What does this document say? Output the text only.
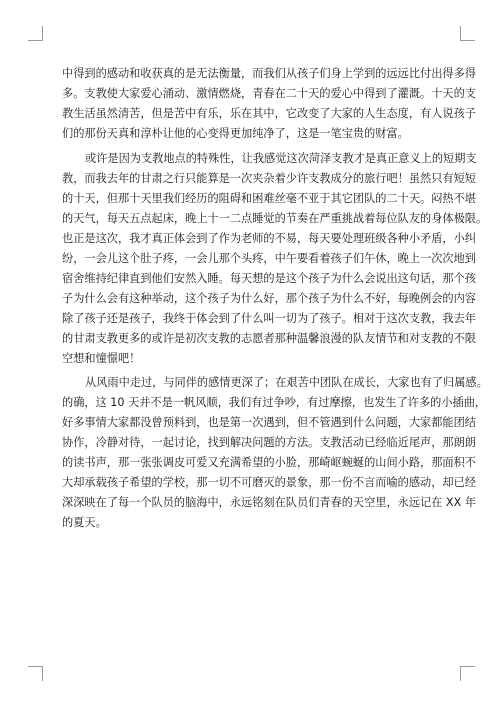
中得到的感动和收获真的是无法衡量，而我们从孩子们身上学到的远远比付出得多得
多。支教使大家爱心涌动、激情燃烧，青春在二十天的爱心中得到了灌溉。十天的支
教生活虽然清苦，但是苦中有乐，乐在其中，它改变了大家的人生态度，有人说孩子
们的那份天真和淳朴让他的心变得更加纯净了，这是一笔宝贵的财富。
或许是因为支教地点的特殊性，让我感觉这次菏泽支教才是真正意义上的短期支
教，而我去年的甘肃之行只能算是一次夹杂着少许支教成分的旅行吧！虽然只有短短
的十天，但那十天里我们经历的阻碍和困难丝毫不亚于其它团队的二十天。闷热不堪
的天气，每天五点起床，晚上十一二点睡觉的节奏在严重挑战着每位队友的身体极限。
也正是这次，我才真正体会到了作为老师的不易，每天要处理班级各种小矛盾，小纠
纷，一会儿这个肚子疼，一会儿那个头疼，中午要看着孩子们午休，晚上一次次地到
宿舍维持纪律直到他们安然入睡。每天想的是这个孩子为什么会说出这句话，那个孩
子为什么会有这种举动，这个孩子为什么好，那个孩子为什么不好，每晚例会的内容
除了孩子还是孩子，我终于体会到了什么叫一切为了孩子。相对于这次支教，我去年
的甘肃支教更多的或许是初次支教的志愿者那种温馨浪漫的队友情节和对支教的不限
空想和憧憬吧！
从风雨中走过，与同伴的感情更深了；在艰苦中团队在成长，大家也有了归属感。
的确，这 10 天并不是一帆风顺，我们有过争吵，有过摩擦，也发生了许多的小插曲，
好多事情大家都没曾预料到，也是第一次遇到，但不管遇到什么问题，大家都能团结
协作，冷静对待，一起讨论，找到解决问题的方法。支教活动已经临近尾声，那朗朗
的读书声，那一张张调皮可爱又充满希望的小脸，那崎岖蜿蜒的山间小路，那面积不
大却承载孩子希望的学校，那一切不可磨灭的景象，那一份不言而喻的感动，却已经
深深映在了每一个队员的脑海中，永远铭刻在队员们青春的天空里，永远记在 XX 年
的夏天。
